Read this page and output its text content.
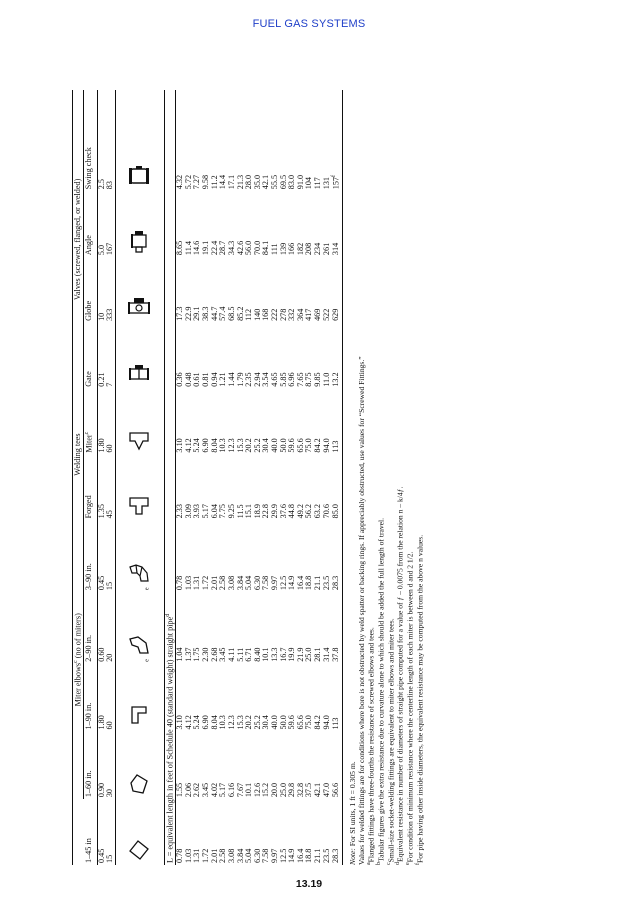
FUEL GAS SYSTEMS
	Miter elbows$^c$ (no of miters)				Welding tees		Valves (screwed, flanged, or welded)			
1–45 in	1–60 in.	1–90 in.	2–90 in.	3–90 in.	Forged	Miter$^c$	Gate	Globe	Angle	Swing check
0.45	0.90	1.80	0.60	0.45	1.35	1.80	0.21	10	5.0	2.5
15	30	60	20	15	45	60	7	333	167	83

	$^e$	$^e$

L = equivalent length in feet of Schedule 40 (standard weight) straight pipe$^d$
0.78	1.55	3.10	1.04	0.78	2.33	3.10	0.36	17.3	8.65	4.32
1.03	2.06	4.12	1.37	1.03	3.09	4.12	0.48	22.9	11.4	5.72
1.31	2.62	5.24	1.75	1.31	3.93	5.24	0.61	29.1	14.6	7.27
1.72	3.45	6.90	2.30	1.72	5.17	6.90	0.81	38.3	19.1	9.58
2.01	4.02	8.04	2.68	2.01	6.04	8.04	0.94	44.7	22.4	11.2
2.58	5.17	10.3	3.45	2.58	7.75	10.3	1.21	57.4	28.7	14.4
3.08	6.16	12.3	4.11	3.08	9.25	12.3	1.44	68.5	34.3	17.1
3.84	7.67	15.3	5.11	3.84	11.5	15.3	1.79	85.2	42.6	21.3
5.04	10.1	20.2	6.71	5.04	15.1	20.2	2.35	112	56.0	28.0
6.30	12.6	25.2	8.40	6.30	18.9	25.2	2.94	140	70.0	35.0
7.58	15.2	30.4	10.1	7.58	22.8	30.4	3.54	168	84.1	42.1
9.97	20.0	40.0	13.3	9.97	29.9	40.0	4.65	222	111	55.5
12.5	25.0	50.0	16.7	12.5	37.6	50.0	5.85	278	139	69.5
14.9	29.8	59.6	19.9	14.9	44.8	59.6	6.96	332	166	83.0
16.4	32.8	65.6	21.9	16.4	49.2	65.6	7.65	364	182	91.0
18.8	37.5	75.0	25.0	18.8	56.2	75.0	8.75	417	208	104
21.1	42.1	84.2	28.1	21.1	63.2	84.2	9.85	469	234	117
23.5	47.0	94.0	31.4	23.5	70.6	94.0	11.0	522	261	131
28.3	56.6	113	37.8	28.3	85.0	113	13.2	629	314	157$^f$
Note: For SI units, 1 ft = 0.305 m. Values for welded fittings are for conditions where bore is not obstructed by weld spatter or backing rings. If appreciably obstructed, use values for “Screwed Fittings.” $^a$Flanged fittings have three-fourths the resistance of screwed elbows and tees.
$^b$Tabular figures give the extra resistance due to curvature alone to which should be added the full length of travel.
$^c$Small-size socket-welding fittings are equivalent to miter elbows and miter tees.
$^d$Equivalent resistance in number of diameters of straight pipe computed for a value of ƒ – 0.0075 from the relation n – k/4ƒ.
$^e$For condition of minimum resistance where the centerline length of each miter is between d and 2 1/2.
$^f$For pipe having other inside diameters, the equivalent resistance may be computed from the above n values.
13.19
